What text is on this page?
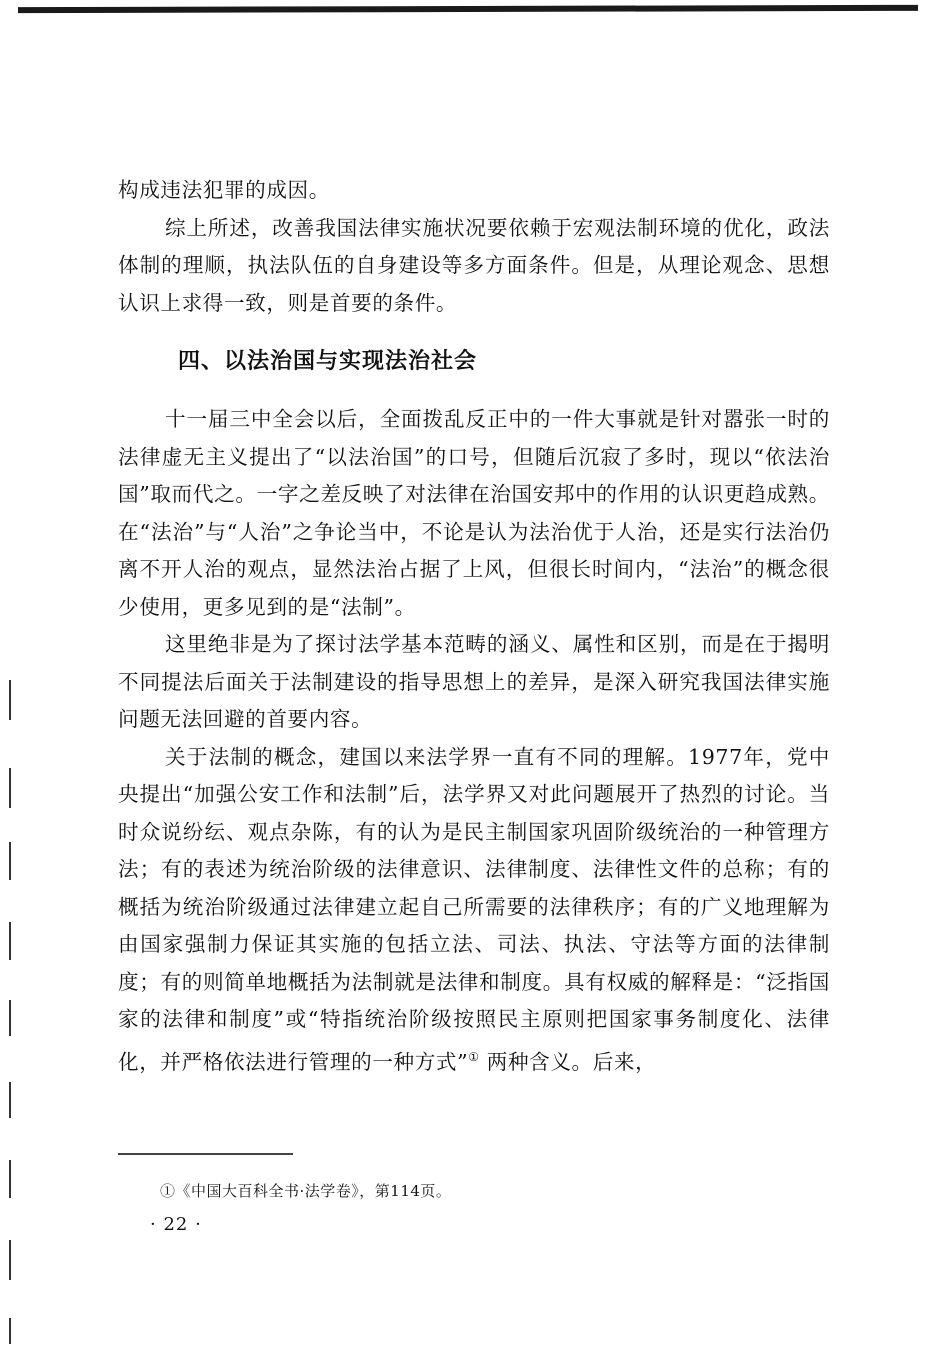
构成违法犯罪的成因。

综上所述，改善我国法律实施状况要依赖于宏观法制环境的优化，政法体制的理顺，执法队伍的自身建设等多方面条件。但是，从理论观念、思想认识上求得一致，则是首要的条件。

四、以法治国与实现法治社会

十一届三中全会以后，全面拨乱反正中的一件大事就是针对嚣张一时的法律虚无主义提出了“以法治国”的口号，但随后沉寂了多时，现以“依法治国”取而代之。一字之差反映了对法律在治国安邦中的作用的认识更趋成熟。在“法治”与“人治”之争论当中，不论是认为法治优于人治，还是实行法治仍离不开人治的观点，显然法治占据了上风，但很长时间内，“法治”的概念很少使用，更多见到的是“法制”。

这里绝非是为了探讨法学基本范畴的涵义、属性和区别，而是在于揭明不同提法后面关于法制建设的指导思想上的差异，是深入研究我国法律实施问题无法回避的首要内容。

关于法制的概念，建国以来法学界一直有不同的理解。1977年，党中央提出“加强公安工作和法制”后，法学界又对此问题展开了热烈的讨论。当时众说纷纭、观点杂陈，有的认为是民主制国家巩固阶级统治的一种管理方法；有的表述为统治阶级的法律意识、法律制度、法律性文件的总称；有的概括为统治阶级通过法律建立起自己所需要的法律秩序；有的广义地理解为由国家强制力保证其实施的包括立法、司法、执法、守法等方面的法律制度；有的则简单地概括为法制就是法律和制度。具有权威的解释是：“泛指国家的法律和制度”或“特指统治阶级按照民主原则把国家事务制度化、法律化，并严格依法进行管理的一种方式”① 两种含义。后来，

①《中国大百科全书·法学卷》，第114页。
· 22 ·
